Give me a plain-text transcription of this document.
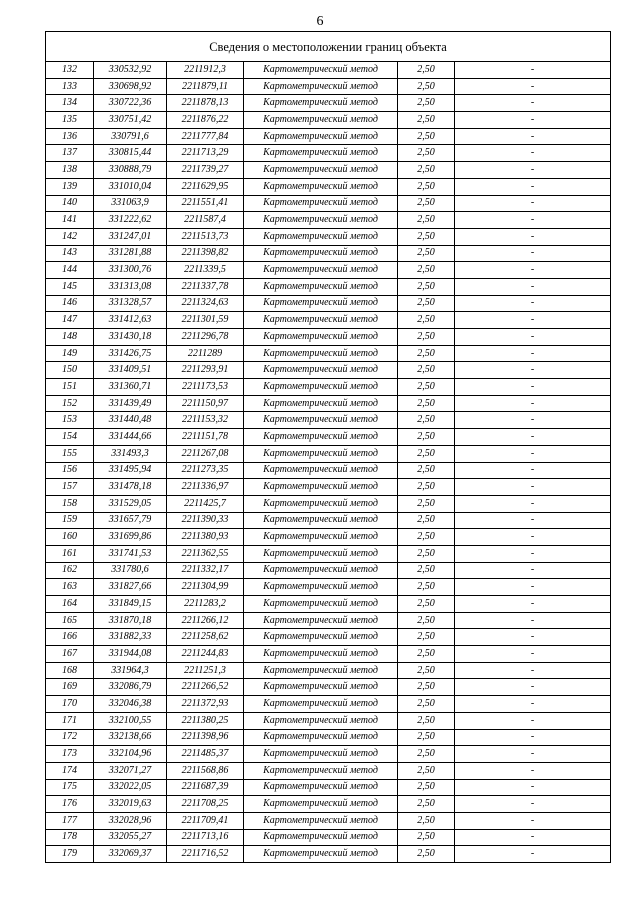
6
Сведения о местоположении границ объекта					
132	330532,92	2211912,3	Картометрический метод	2,50	-
133	330698,92	2211879,11	Картометрический метод	2,50	-
134	330722,36	2211878,13	Картометрический метод	2,50	-
135	330751,42	2211876,22	Картометрический метод	2,50	-
136	330791,6	2211777,84	Картометрический метод	2,50	-
137	330815,44	2211713,29	Картометрический метод	2,50	-
138	330888,79	2211739,27	Картометрический метод	2,50	-
139	331010,04	2211629,95	Картометрический метод	2,50	-
140	331063,9	2211551,41	Картометрический метод	2,50	-
141	331222,62	2211587,4	Картометрический метод	2,50	-
142	331247,01	2211513,73	Картометрический метод	2,50	-
143	331281,88	2211398,82	Картометрический метод	2,50	-
144	331300,76	2211339,5	Картометрический метод	2,50	-
145	331313,08	2211337,78	Картометрический метод	2,50	-
146	331328,57	2211324,63	Картометрический метод	2,50	-
147	331412,63	2211301,59	Картометрический метод	2,50	-
148	331430,18	2211296,78	Картометрический метод	2,50	-
149	331426,75	2211289	Картометрический метод	2,50	-
150	331409,51	2211293,91	Картометрический метод	2,50	-
151	331360,71	2211173,53	Картометрический метод	2,50	-
152	331439,49	2211150,97	Картометрический метод	2,50	-
153	331440,48	2211153,32	Картометрический метод	2,50	-
154	331444,66	2211151,78	Картометрический метод	2,50	-
155	331493,3	2211267,08	Картометрический метод	2,50	-
156	331495,94	2211273,35	Картометрический метод	2,50	-
157	331478,18	2211336,97	Картометрический метод	2,50	-
158	331529,05	2211425,7	Картометрический метод	2,50	-
159	331657,79	2211390,33	Картометрический метод	2,50	-
160	331699,86	2211380,93	Картометрический метод	2,50	-
161	331741,53	2211362,55	Картометрический метод	2,50	-
162	331780,6	2211332,17	Картометрический метод	2,50	-
163	331827,66	2211304,99	Картометрический метод	2,50	-
164	331849,15	2211283,2	Картометрический метод	2,50	-
165	331870,18	2211266,12	Картометрический метод	2,50	-
166	331882,33	2211258,62	Картометрический метод	2,50	-
167	331944,08	2211244,83	Картометрический метод	2,50	-
168	331964,3	2211251,3	Картометрический метод	2,50	-
169	332086,79	2211266,52	Картометрический метод	2,50	-
170	332046,38	2211372,93	Картометрический метод	2,50	-
171	332100,55	2211380,25	Картометрический метод	2,50	-
172	332138,66	2211398,96	Картометрический метод	2,50	-
173	332104,96	2211485,37	Картометрический метод	2,50	-
174	332071,27	2211568,86	Картометрический метод	2,50	-
175	332022,05	2211687,39	Картометрический метод	2,50	-
176	332019,63	2211708,25	Картометрический метод	2,50	-
177	332028,96	2211709,41	Картометрический метод	2,50	-
178	332055,27	2211713,16	Картометрический метод	2,50	-
179	332069,37	2211716,52	Картометрический метод	2,50	-
